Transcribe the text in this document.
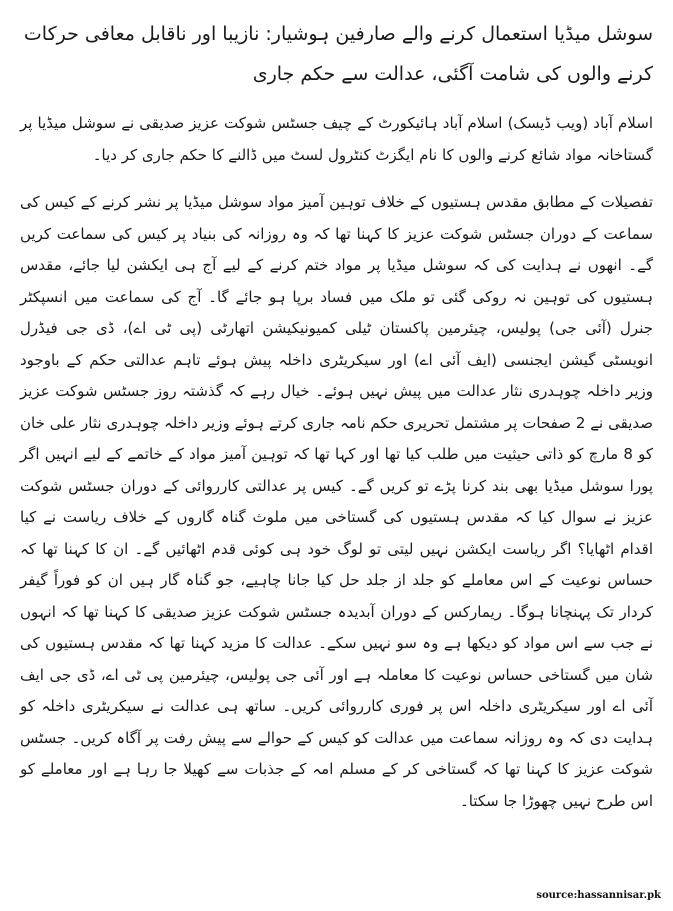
سوشل میڈیا استعمال کرنے والے صارفین ہوشیار: نازیبا اور ناقابل معافی حرکات کرنے والوں کی شامت آگئی، عدالت سے حکم جاری

اسلام آباد (ویب ڈیسک) اسلام آباد ہائیکورٹ کے چیف جسٹس شوکت عزیز صدیقی نے سوشل میڈیا پر گستاخانہ مواد شائع کرنے والوں کا نام ایگزٹ کنٹرول لسٹ میں ڈالنے کا حکم جاری کر دیا۔

تفصیلات کے مطابق مقدس ہستیوں کے خلاف توہین آمیز مواد سوشل میڈیا پر نشر کرنے کے کیس کی سماعت کے دوران جسٹس شوکت عزیز کا کہنا تھا کہ وہ روزانہ کی بنیاد پر کیس کی سماعت کریں گے۔ انھوں نے ہدایت کی کہ سوشل میڈیا پر مواد ختم کرنے کے لیے آج ہی ایکشن لیا جائے، مقدس ہستیوں کی توہین نہ روکی گئی تو ملک میں فساد برپا ہو جائے گا۔ آج کی سماعت میں انسپکٹر جنرل (آئی جی) پولیس، چیئرمین پاکستان ٹیلی کمیونیکیشن اتھارٹی (پی ٹی اے)، ڈی جی فیڈرل انویسٹی گیشن ایجنسی (ایف آئی اے) اور سیکریٹری داخلہ پیش ہوئے تاہم عدالتی حکم کے باوجود وزیر داخلہ چوہدری نثار عدالت میں پیش نہیں ہوئے۔ خیال رہے کہ گذشتہ روز جسٹس شوکت عزیز صدیقی نے 2 صفحات پر مشتمل تحریری حکم نامہ جاری کرتے ہوئے وزیر داخلہ چوہدری نثار علی خان کو 8 مارچ کو ذاتی حیثیت میں طلب کیا تھا اور کہا تھا کہ توہین آمیز مواد کے خاتمے کے لیے انہیں اگر پورا سوشل میڈیا بھی بند کرنا پڑے تو کریں گے۔ کیس پر عدالتی کارروائی کے دوران جسٹس شوکت عزیز نے سوال کیا کہ مقدس ہستیوں کی گستاخی میں ملوث گناہ گاروں کے خلاف ریاست نے کیا اقدام اٹھایا؟ اگر ریاست ایکشن نہیں لیتی تو لوگ خود ہی کوئی قدم اٹھائیں گے۔ ان کا کہنا تھا کہ حساس نوعیت کے اس معاملے کو جلد از جلد حل کیا جانا چاہیے، جو گناہ گار ہیں ان کو فوراً گیفر کردار تک پہنچانا ہوگا۔ ریمارکس کے دوران آبدیدہ جسٹس شوکت عزیز صدیقی کا کہنا تھا کہ انہوں نے جب سے اس مواد کو دیکھا ہے وہ سو نہیں سکے۔ عدالت کا مزید کہنا تھا کہ مقدس ہستیوں کی شان میں گستاخی حساس نوعیت کا معاملہ ہے اور آئی جی پولیس، چیئرمین پی ٹی اے، ڈی جی ایف آئی اے اور سیکریٹری داخلہ اس پر فوری کارروائی کریں۔ ساتھ ہی عدالت نے سیکریٹری داخلہ کو ہدایت دی کہ وہ روزانہ سماعت میں عدالت کو کیس کے حوالے سے پیش رفت پر آگاہ کریں۔ جسٹس شوکت عزیز کا کہنا تھا کہ گستاخی کر کے مسلم امہ کے جذبات سے کھیلا جا رہا ہے اور معاملے کو اس طرح نہیں چھوڑا جا سکتا۔

source:hassannisar.pk
